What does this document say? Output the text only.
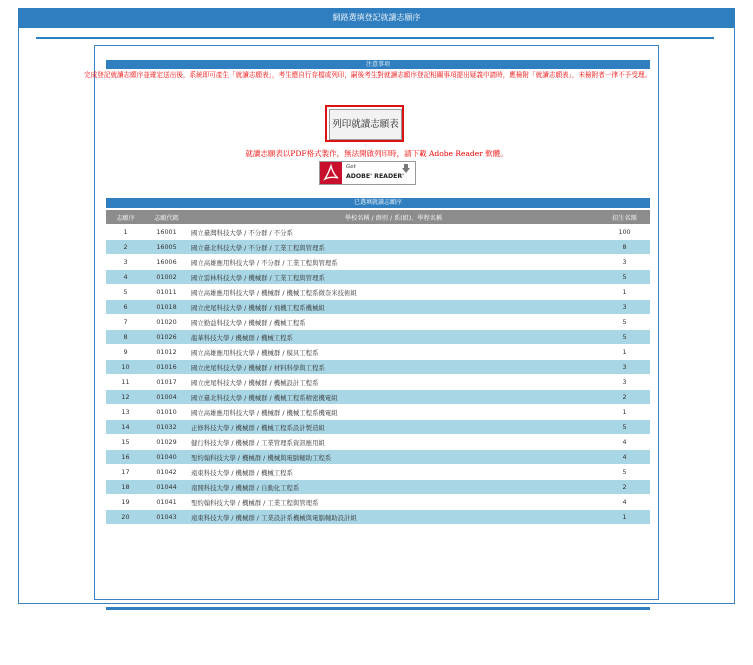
網路選填登記就讀志願序
注意事項
完成登記就讀志願序並確定送出後，系統即可產生「就讀志願表」，考生應自行存檔或列印，嗣後考生對就讀志願序登記相關事項提出疑義申請時，應檢附「就讀志願表」，未檢附者一律不予受理。
列印就讀志願表
就讀志願表以PDF格式製作，無法開啟列印時，請下載 Adobe Reader 軟體。
Get
ADOBE' READER'
已選填就讀志願序
志願序	志願代碼	學校名稱 / 群別 / 系(組)、學程名稱	招生名額
1	16001	國立臺灣科技大學 / 不分群 / 不分系	100
2	16005	國立臺北科技大學 / 不分群 / 工業工程與管理系	8
3	16006	國立高雄應用科技大學 / 不分群 / 工業工程與管理系	3
4	01002	國立雲林科技大學 / 機械群 / 工業工程與管理系	5
5	01011	國立高雄應用科技大學 / 機械群 / 機械工程系微奈米技術組	1
6	01018	國立虎尾科技大學 / 機械群 / 飛機工程系機械組	3
7	01020	國立勤益科技大學 / 機械群 / 機械工程系	5
8	01026	龍華科技大學 / 機械群 / 機械工程系	5
9	01012	國立高雄應用科技大學 / 機械群 / 模具工程系	1
10	01016	國立虎尾科技大學 / 機械群 / 材料科學與工程系	3
11	01017	國立虎尾科技大學 / 機械群 / 機械設計工程系	3
12	01004	國立臺北科技大學 / 機械群 / 機械工程系精密機電組	2
13	01010	國立高雄應用科技大學 / 機械群 / 機械工程系機電組	1
14	01032	正修科技大學 / 機械群 / 機械工程系設計製造組	5
15	01029	健行科技大學 / 機械群 / 工業管理系資訊應用組	4
16	01040	聖約翰科技大學 / 機械群 / 機械與電腦輔助工程系	4
17	01042	遠東科技大學 / 機械群 / 機械工程系	5
18	01044	南開科技大學 / 機械群 / 自動化工程系	2
19	01041	聖約翰科技大學 / 機械群 / 工業工程與管理系	4
20	01043	遠東科技大學 / 機械群 / 工業設計系機械與電腦輔助設計組	1
